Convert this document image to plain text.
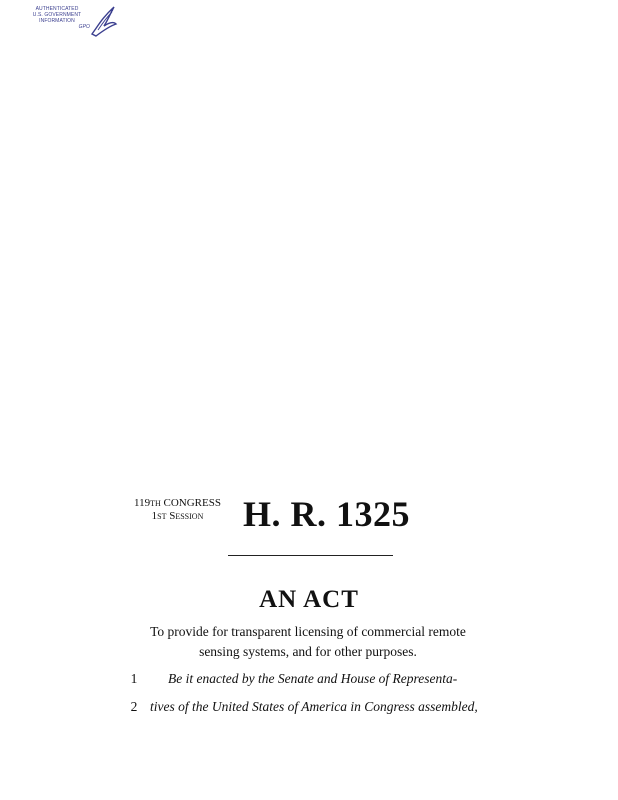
AUTHENTICATED
U.S. GOVERNMENT
INFORMATION
GPO
119TH CONGRESS
1ST SESSION	H. R. 1325
AN ACT
To provide for transparent licensing of commercial remote
sensing systems, and for other purposes.
1	Be it enacted by the Senate and House of Representa-
2 tives of the United States of America in Congress assembled,
